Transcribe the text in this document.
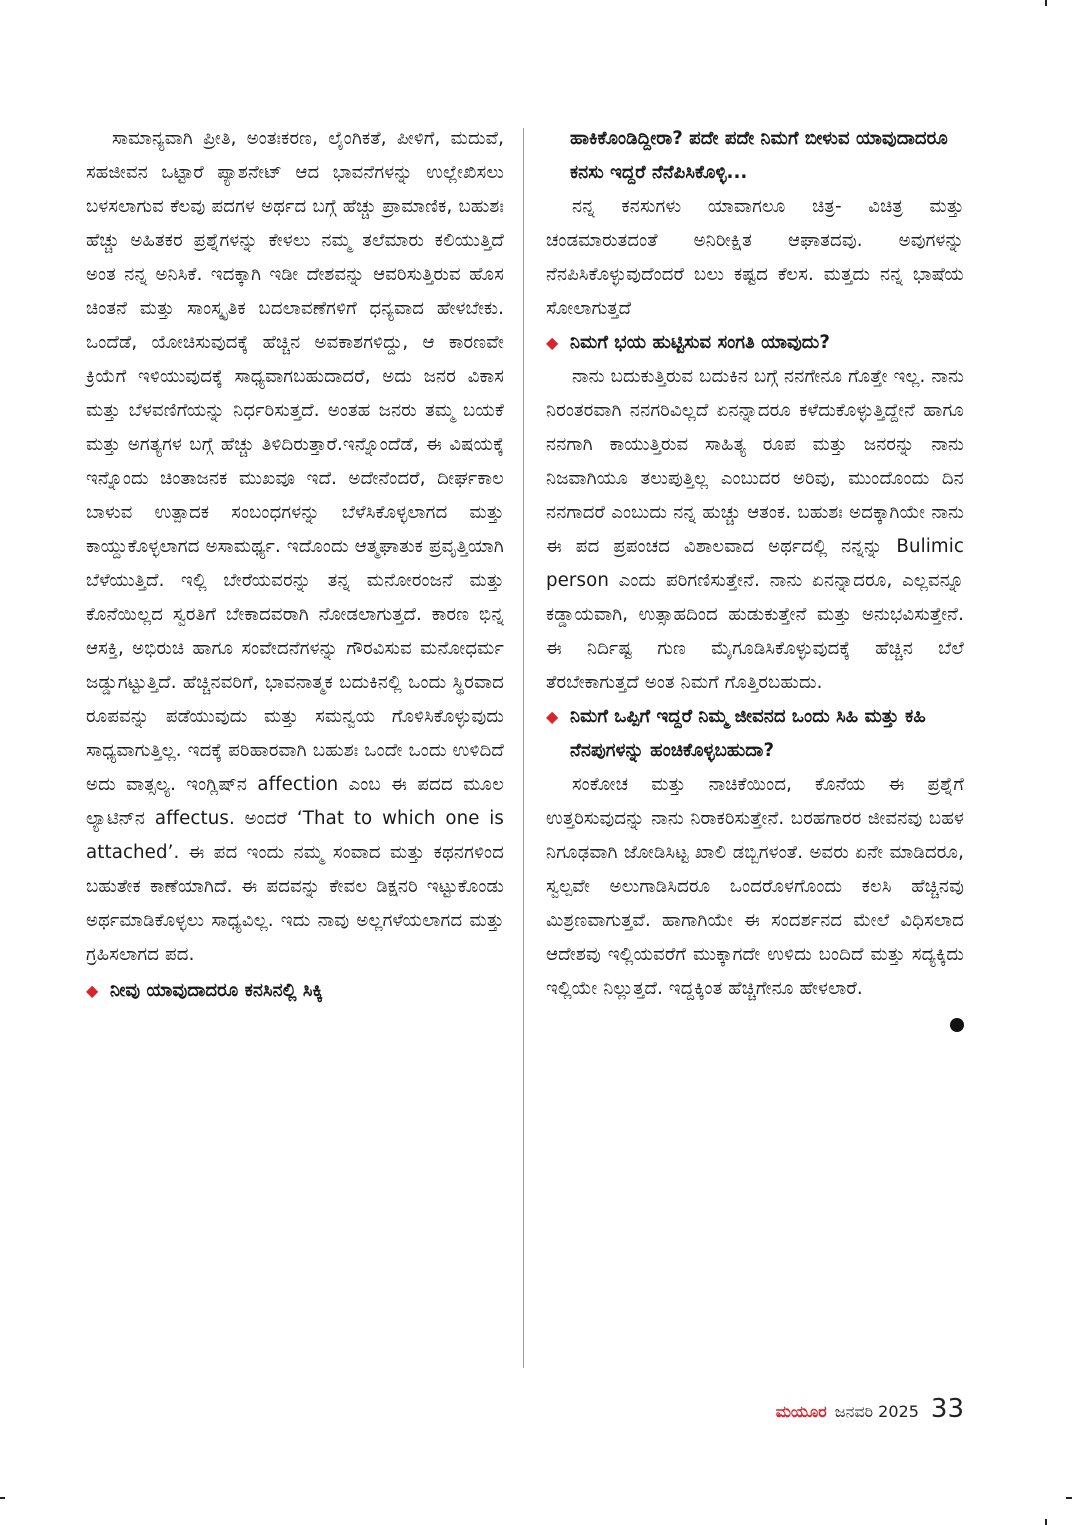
ಸಾಮಾನ್ಯವಾಗಿ ಪ್ರೀತಿ, ಅಂತಃಕರಣ, ಲೈಂಗಿಕತೆ, ಪೀಳಿಗೆ, ಮದುವೆ, ಸಹಜೀವನ ಒಟ್ಟಾರೆ ಪ್ಯಾಶನೇಟ್ ಆದ ಭಾವನೆಗಳನ್ನು ಉಲ್ಲೇಖಿಸಲು ಬಳಸಲಾಗುವ ಕೆಲವು ಪದಗಳ ಅರ್ಥದ ಬಗ್ಗೆ ಹೆಚ್ಚು ಪ್ರಾಮಾಣಿಕ, ಬಹುಶಃ ಹೆಚ್ಚು ಅಹಿತಕರ ಪ್ರಶ್ನೆಗಳನ್ನು ಕೇಳಲು ನಮ್ಮ ತಲೆಮಾರು ಕಲಿಯುತ್ತಿದೆ ಅಂತ ನನ್ನ ಅನಿಸಿಕೆ. ಇದಕ್ಕಾಗಿ ಇಡೀ ದೇಶವನ್ನು ಆವರಿಸುತ್ತಿರುವ ಹೊಸ ಚಿಂತನೆ ಮತ್ತು ಸಾಂಸ್ಕೃತಿಕ ಬದಲಾವಣೆಗಳಿಗೆ ಧನ್ಯವಾದ ಹೇಳಬೇಕು. ಒಂದೆಡೆ, ಯೋಚಿಸುವುದಕ್ಕೆ ಹೆಚ್ಚಿನ ಅವಕಾಶಗಳಿದ್ದು, ಆ ಕಾರಣವೇ ಕ್ರಿಯೆಗೆ ಇಳಿಯುವುದಕ್ಕೆ ಸಾಧ್ಯವಾಗಬಹುದಾದರೆ, ಅದು ಜನರ ವಿಕಾಸ ಮತ್ತು ಬೆಳವಣಿಗೆಯನ್ನು ನಿರ್ಧರಿಸುತ್ತದೆ. ಅಂತಹ ಜನರು ತಮ್ಮ ಬಯಕೆ ಮತ್ತು ಅಗತ್ಯಗಳ ಬಗ್ಗೆ ಹೆಚ್ಚು ತಿಳಿದಿರುತ್ತಾರೆ.ಇನ್ನೊಂದೆಡೆ, ಈ ವಿಷಯಕ್ಕೆ ಇನ್ನೊಂದು ಚಿಂತಾಜನಕ ಮುಖವೂ ಇದೆ. ಅದೇನೆಂದರೆ, ದೀರ್ಘಕಾಲ ಬಾಳುವ ಉತ್ಪಾದಕ ಸಂಬಂಧಗಳನ್ನು ಬೆಳೆಸಿಕೊಳ್ಳಲಾಗದ ಮತ್ತು ಕಾಯ್ದುಕೊಳ್ಳಲಾಗದ ಅಸಾಮರ್ಥ್ಯ. ಇದೊಂದು ಆತ್ಮಘಾತುಕ ಪ್ರವೃತ್ತಿಯಾಗಿ ಬೆಳೆಯುತ್ತಿದೆ. ಇಲ್ಲಿ ಬೇರೆಯವರನ್ನು ತನ್ನ ಮನೋರಂಜನೆ ಮತ್ತು ಕೊನೆಯಿಲ್ಲದ ಸ್ವರತಿಗೆ ಬೇಕಾದವರಾಗಿ ನೋಡಲಾಗುತ್ತದೆ. ಕಾರಣ ಭಿನ್ನ ಆಸಕ್ತಿ, ಅಭಿರುಚಿ ಹಾಗೂ ಸಂವೇದನೆಗಳನ್ನು ಗೌರವಿಸುವ ಮನೋಧರ್ಮ ಜಡ್ಡುಗಟ್ಟುತ್ತಿದೆ. ಹೆಚ್ಚಿನವರಿಗೆ, ಭಾವನಾತ್ಮಕ ಬದುಕಿನಲ್ಲಿ ಒಂದು ಸ್ಥಿರವಾದ ರೂಪವನ್ನು ಪಡೆಯುವುದು ಮತ್ತು ಸಮನ್ವಯ ಗೊಳಿಸಿಕೊಳ್ಳುವುದು ಸಾಧ್ಯವಾಗುತ್ತಿಲ್ಲ. ಇದಕ್ಕೆ ಪರಿಹಾರವಾಗಿ ಬಹುಶಃ ಒಂದೇ ಒಂದು ಉಳಿದಿದೆ ಅದು ವಾತ್ಸಲ್ಯ. ಇಂಗ್ಲಿಷ್‌ನ affection ಎಂಬ ಈ ಪದದ ಮೂಲ ಲ್ಯಾಟಿನ್‌ನ affectus. ಅಂದರೆ ‘That to which one is attached’. ಈ ಪದ ಇಂದು ನಮ್ಮ ಸಂವಾದ ಮತ್ತು ಕಥನಗಳಿಂದ ಬಹುತೇಕ ಕಾಣೆಯಾಗಿದೆ. ಈ ಪದವನ್ನು ಕೇವಲ ಡಿಕ್ಷನರಿ ಇಟ್ಟುಕೊಂಡು ಅರ್ಥಮಾಡಿಕೊಳ್ಳಲು ಸಾಧ್ಯವಿಲ್ಲ. ಇದು ನಾವು ಅಲ್ಲಗಳೆಯಲಾಗದ ಮತ್ತು ಗ್ರಹಿಸಲಾಗದ ಪದ.

◆ ನೀವು ಯಾವುದಾದರೂ ಕನಸಿನಲ್ಲಿ ಸಿಕ್ಕಿ
ಹಾಕಿಕೊಂಡಿದ್ದೀರಾ? ಪದೇ ಪದೇ ನಿಮಗೆ ಬೀಳುವ ಯಾವುದಾದರೂ ಕನಸು ಇದ್ದರೆ ನೆನೆಪಿಸಿಕೊಳ್ಳಿ...

ನನ್ನ ಕನಸುಗಳು ಯಾವಾಗಲೂ ಚಿತ್ರ- ವಿಚಿತ್ರ ಮತ್ತು ಚಂಡಮಾರುತದಂತೆ ಅನಿರೀಕ್ಷಿತ ಆಘಾತದವು. ಅವುಗಳನ್ನು ನೆನಪಿಸಿಕೊಳ್ಳುವುದೆಂದರೆ ಬಲು ಕಷ್ಟದ ಕೆಲಸ. ಮತ್ತದು ನನ್ನ ಭಾಷೆಯ ಸೋಲಾಗುತ್ತದೆ

◆ ನಿಮಗೆ ಭಯ ಹುಟ್ಟಿಸುವ ಸಂಗತಿ ಯಾವುದು?

ನಾನು ಬದುಕುತ್ತಿರುವ ಬದುಕಿನ ಬಗ್ಗೆ ನನಗೇನೂ ಗೊತ್ತೇ ಇಲ್ಲ. ನಾನು ನಿರಂತರವಾಗಿ ನನಗರಿವಿಲ್ಲದೆ ಏನನ್ನಾದರೂ ಕಳೆದುಕೊಳ್ಳುತ್ತಿದ್ದೇನೆ ಹಾಗೂ ನನಗಾಗಿ ಕಾಯುತ್ತಿರುವ ಸಾಹಿತ್ಯ ರೂಪ ಮತ್ತು ಜನರನ್ನು ನಾನು ನಿಜವಾಗಿಯೂ ತಲುಪುತ್ತಿಲ್ಲ ಎಂಬುದರ ಅರಿವು, ಮುಂದೊಂದು ದಿನ ನನಗಾದರೆ ಎಂಬುದು ನನ್ನ ಹುಚ್ಚು ಆತಂಕ. ಬಹುಶಃ ಅದಕ್ಕಾಗಿಯೇ ನಾನು ಈ ಪದ ಪ್ರಪಂಚದ ವಿಶಾಲವಾದ ಅರ್ಥದಲ್ಲಿ ನನ್ನನ್ನು Bulimic person ಎಂದು ಪರಿಗಣಿಸುತ್ತೇನೆ. ನಾನು ಏನನ್ನಾದರೂ, ಎಲ್ಲವನ್ನೂ ಕಡ್ಡಾಯವಾಗಿ, ಉತ್ಸಾಹದಿಂದ ಹುಡುಕುತ್ತೇನೆ ಮತ್ತು ಅನುಭವಿಸುತ್ತೇನೆ. ಈ ನಿರ್ದಿಷ್ಟ ಗುಣ ಮೈಗೂಡಿಸಿಕೊಳ್ಳುವುದಕ್ಕೆ ಹೆಚ್ಚಿನ ಬೆಲೆ ತೆರಬೇಕಾಗುತ್ತದೆ ಅಂತ ನಿಮಗೆ ಗೊತ್ತಿರಬಹುದು.

◆ ನಿಮಗೆ ಒಪ್ಪಿಗೆ ಇದ್ದರೆ ನಿಮ್ಮ ಜೀವನದ ಒಂದು ಸಿಹಿ ಮತ್ತು ಕಹಿ ನೆನಪುಗಳನ್ನು ಹಂಚಿಕೊಳ್ಳಬಹುದಾ?

ಸಂಕೋಚ ಮತ್ತು ನಾಚಿಕೆಯಿಂದ, ಕೊನೆಯ ಈ ಪ್ರಶ್ನೆಗೆ ಉತ್ತರಿಸುವುದನ್ನು ನಾನು ನಿರಾಕರಿಸುತ್ತೇನೆ. ಬರಹಗಾರರ ಜೀವನವು ಬಹಳ ನಿಗೂಢವಾಗಿ ಜೋಡಿಸಿಟ್ಟ ಖಾಲಿ ಡಬ್ಬಿಗಳಂತೆ. ಅವರು ಏನೇ ಮಾಡಿದರೂ, ಸ್ವಲ್ಪವೇ ಅಲುಗಾಡಿಸಿದರೂ ಒಂದರೊಳಗೊಂದು ಕಲಸಿ ಹೆಚ್ಚಿನವು ಮಿಶ್ರಣವಾಗುತ್ತವೆ. ಹಾಗಾಗಿಯೇ ಈ ಸಂದರ್ಶನದ ಮೇಲೆ ವಿಧಿಸಲಾದ ಆದೇಶವು ಇಲ್ಲಿಯವರೆಗೆ ಮುಕ್ಕಾಗದೇ ಉಳಿದು ಬಂದಿದೆ ಮತ್ತು ಸದ್ಯಕ್ಕಿದು ಇಲ್ಲಿಯೇ ನಿಲ್ಲುತ್ತದೆ. ಇದ್ದಕ್ಕಿಂತ ಹೆಚ್ಚಿಗೇನೂ ಹೇಳಲಾರೆ.

ಮಯೂರ ಜನವರಿ 2025 33
